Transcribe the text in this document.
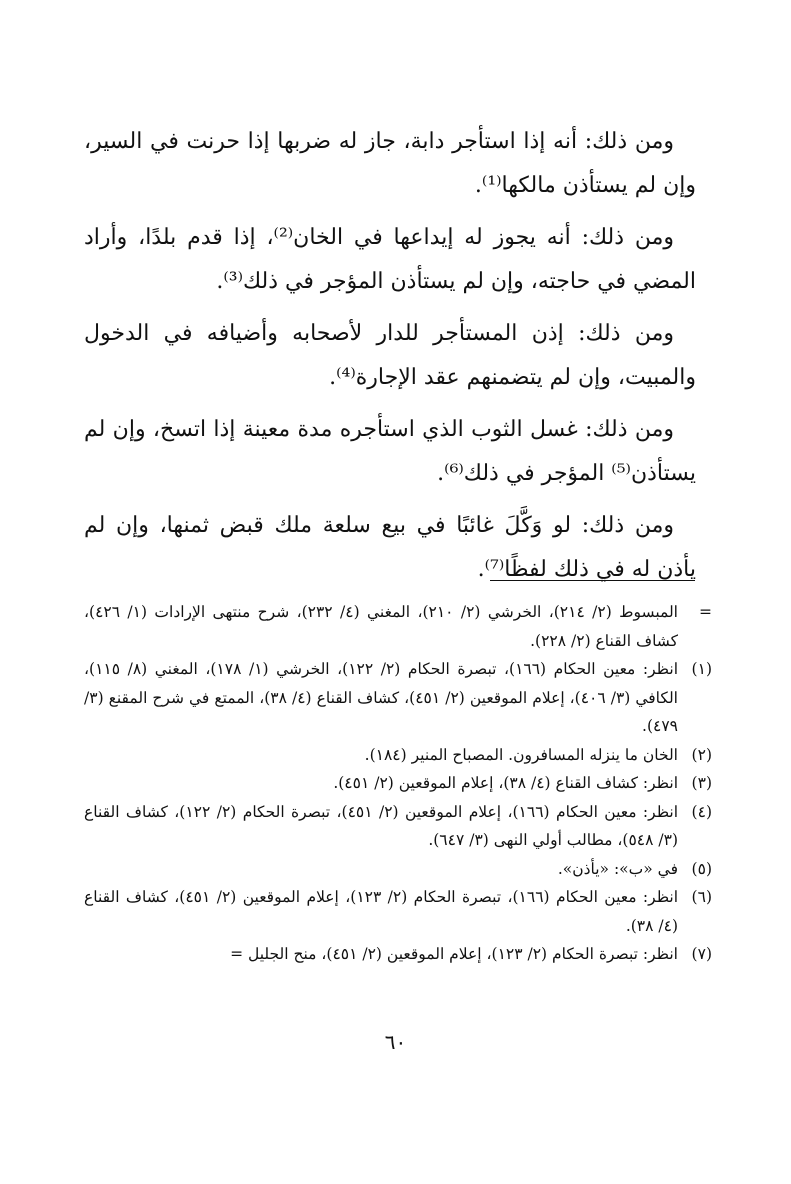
ومن ذلك: أنه إذا استأجر دابة، جاز له ضربها إذا حرنت في السير، وإن لم يستأذن مالكها⁽¹⁾.

ومن ذلك: أنه يجوز له إيداعها في الخان⁽²⁾، إذا قدم بلدًا، وأراد المضي في حاجته، وإن لم يستأذن المؤجر في ذلك⁽³⁾.

ومن ذلك: إذن المستأجر للدار لأصحابه وأضيافه في الدخول والمبيت، وإن لم يتضمنهم عقد الإجارة⁽⁴⁾.

ومن ذلك: غسل الثوب الذي استأجره مدة معينة إذا اتسخ، وإن لم يستأذن⁽⁵⁾ المؤجر في ذلك⁽⁶⁾.

ومن ذلك: لو وَكَّلَ غائبًا في بيع سلعة ملك قبض ثمنها، وإن لم يأذن له في ذلك لفظًا⁽⁷⁾.

=
المبسوط (٢/ ٢١٤)، الخرشي (٢/ ٢١٠)، المغني (٤/ ٢٣٢)، شرح منتهى الإرادات (١/ ٤٢٦)، كشاف القناع (٢/ ٢٢٨).
(١)
انظر: معين الحكام (١٦٦)، تبصرة الحكام (٢/ ١٢٢)، الخرشي (١/ ١٧٨)، المغني (٨/ ١١٥)، الكافي (٣/ ٤٠٦)، إعلام الموقعين (٢/ ٤٥١)، كشاف القناع (٤/ ٣٨)، الممتع في شرح المقنع (٣/ ٤٧٩).
(٢)
الخان ما ينزله المسافرون. المصباح المنير (١٨٤).
(٣)
انظر: كشاف القناع (٤/ ٣٨)، إعلام الموقعين (٢/ ٤٥١).
(٤)
انظر: معين الحكام (١٦٦)، إعلام الموقعين (٢/ ٤٥١)، تبصرة الحكام (٢/ ١٢٢)، كشاف القناع (٣/ ٥٤٨)، مطالب أولي النهى (٣/ ٦٤٧).
(٥)
في «ب»: «يأذن».
(٦)
انظر: معين الحكام (١٦٦)، تبصرة الحكام (٢/ ١٢٣)، إعلام الموقعين (٢/ ٤٥١)، كشاف القناع (٤/ ٣٨).
(٧)
انظر: تبصرة الحكام (٢/ ١٢٣)، إعلام الموقعين (٢/ ٤٥١)، منح الجليل =
٦٠
